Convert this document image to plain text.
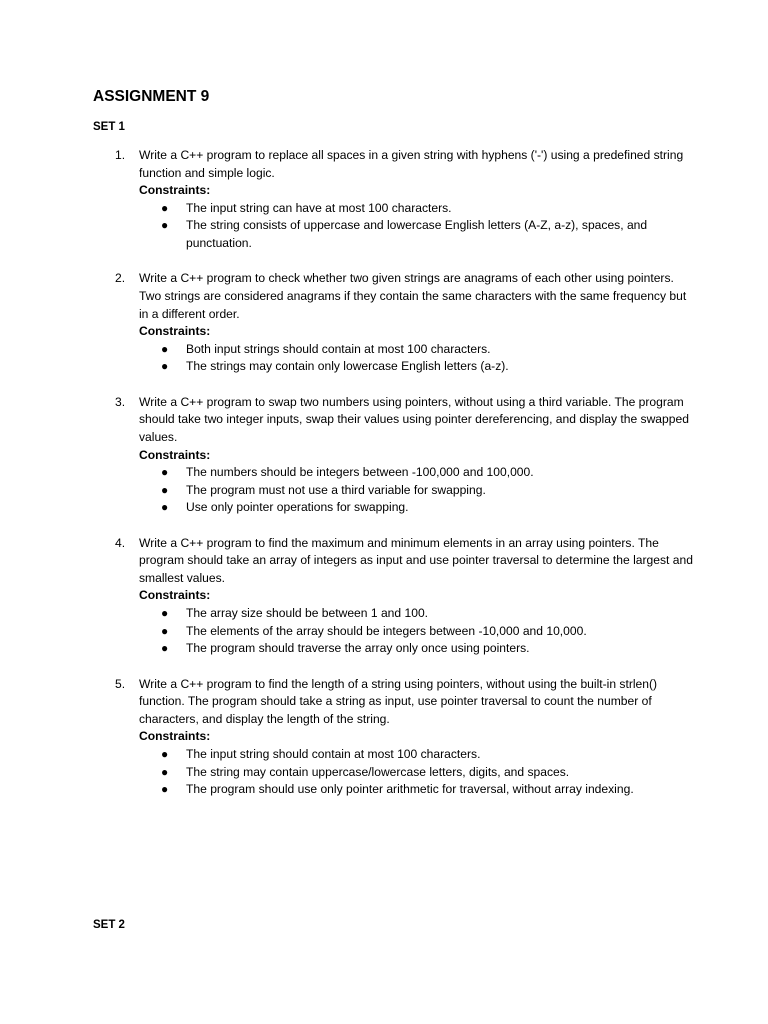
ASSIGNMENT 9
SET 1
1. Write a C++ program to replace all spaces in a given string with hyphens ('-') using a predefined string function and simple logic.
Constraints:
● The input string can have at most 100 characters.
● The string consists of uppercase and lowercase English letters (A-Z, a-z), spaces, and punctuation.
2. Write a C++ program to check whether two given strings are anagrams of each other using pointers. Two strings are considered anagrams if they contain the same characters with the same frequency but in a different order.
Constraints:
● Both input strings should contain at most 100 characters.
● The strings may contain only lowercase English letters (a-z).
3. Write a C++ program to swap two numbers using pointers, without using a third variable. The program should take two integer inputs, swap their values using pointer dereferencing, and display the swapped values.
Constraints:
● The numbers should be integers between -100,000 and 100,000.
● The program must not use a third variable for swapping.
● Use only pointer operations for swapping.
4. Write a C++ program to find the maximum and minimum elements in an array using pointers. The program should take an array of integers as input and use pointer traversal to determine the largest and smallest values.
Constraints:
● The array size should be between 1 and 100.
● The elements of the array should be integers between -10,000 and 10,000.
● The program should traverse the array only once using pointers.
5. Write a C++ program to find the length of a string using pointers, without using the built-in strlen() function. The program should take a string as input, use pointer traversal to count the number of characters, and display the length of the string.
Constraints:
● The input string should contain at most 100 characters.
● The string may contain uppercase/lowercase letters, digits, and spaces.
● The program should use only pointer arithmetic for traversal, without array indexing.
SET 2
